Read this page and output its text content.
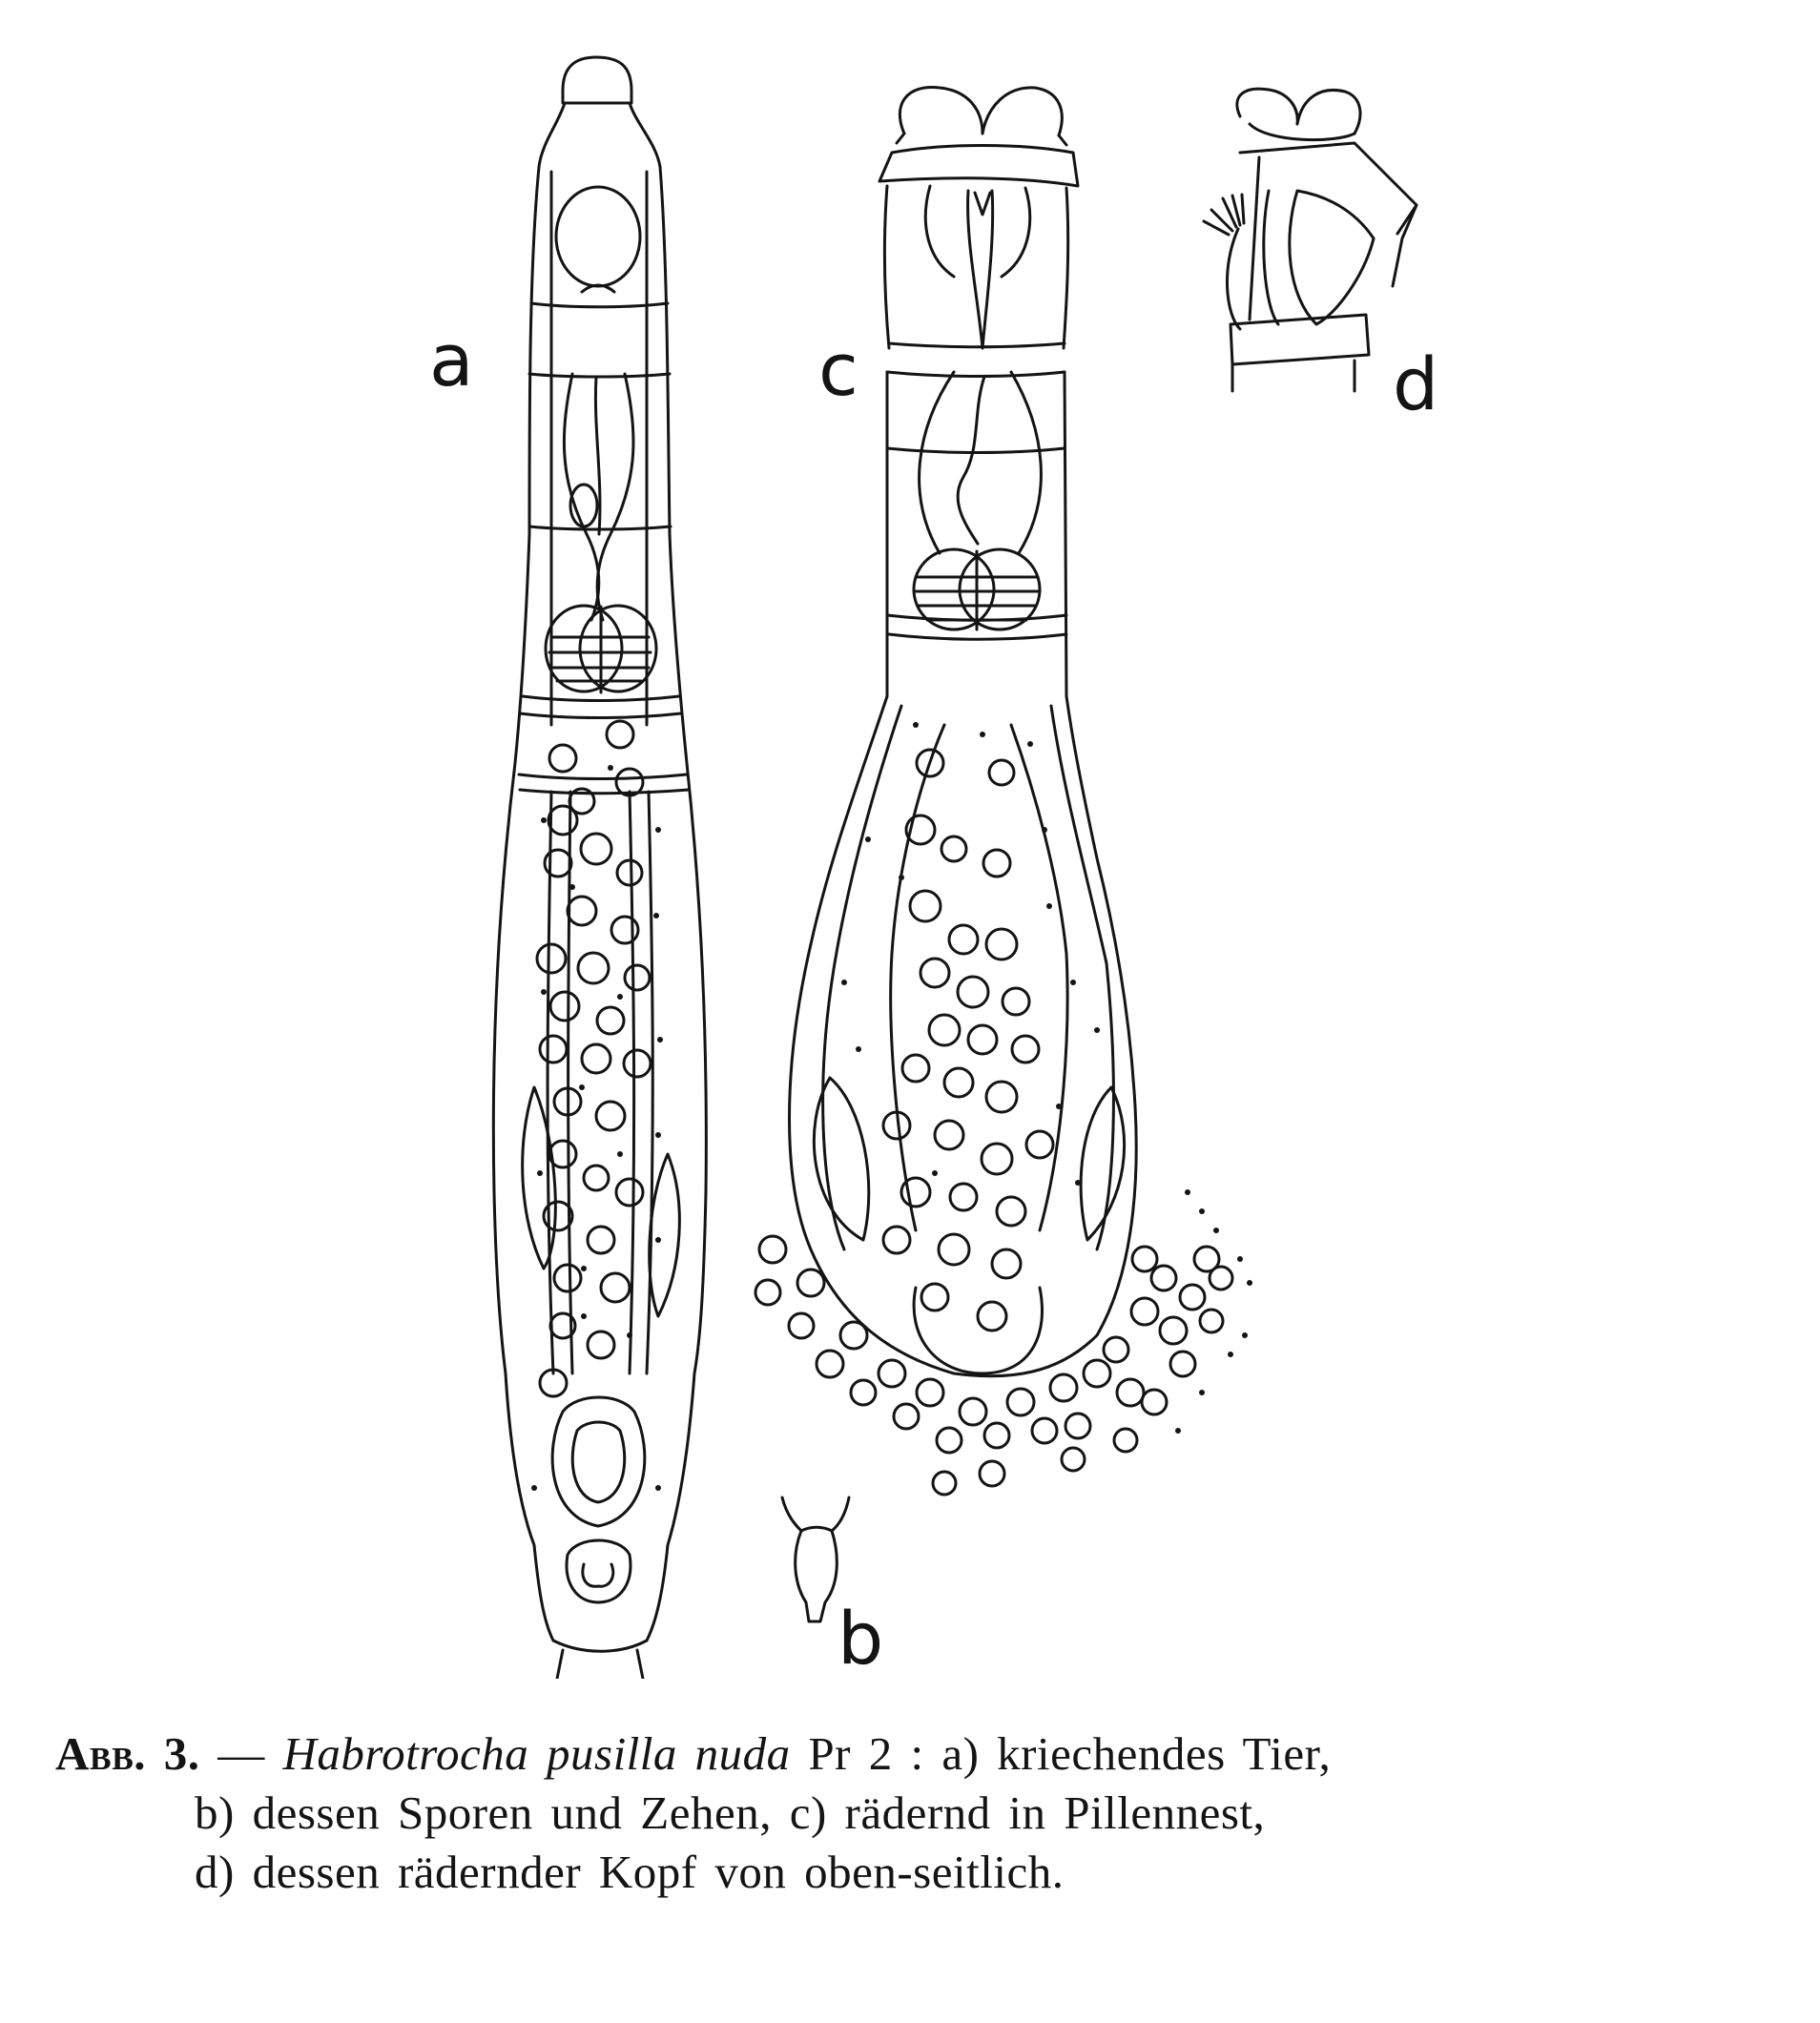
a	c	d
b
Abb. 3. — Habrotrocha pusilla nuda Pr 2 : a) kriechendes Tier,
b) dessen Sporen und Zehen, c) rädernd in Pillennest,
d) dessen rädernder Kopf von oben-seitlich.
